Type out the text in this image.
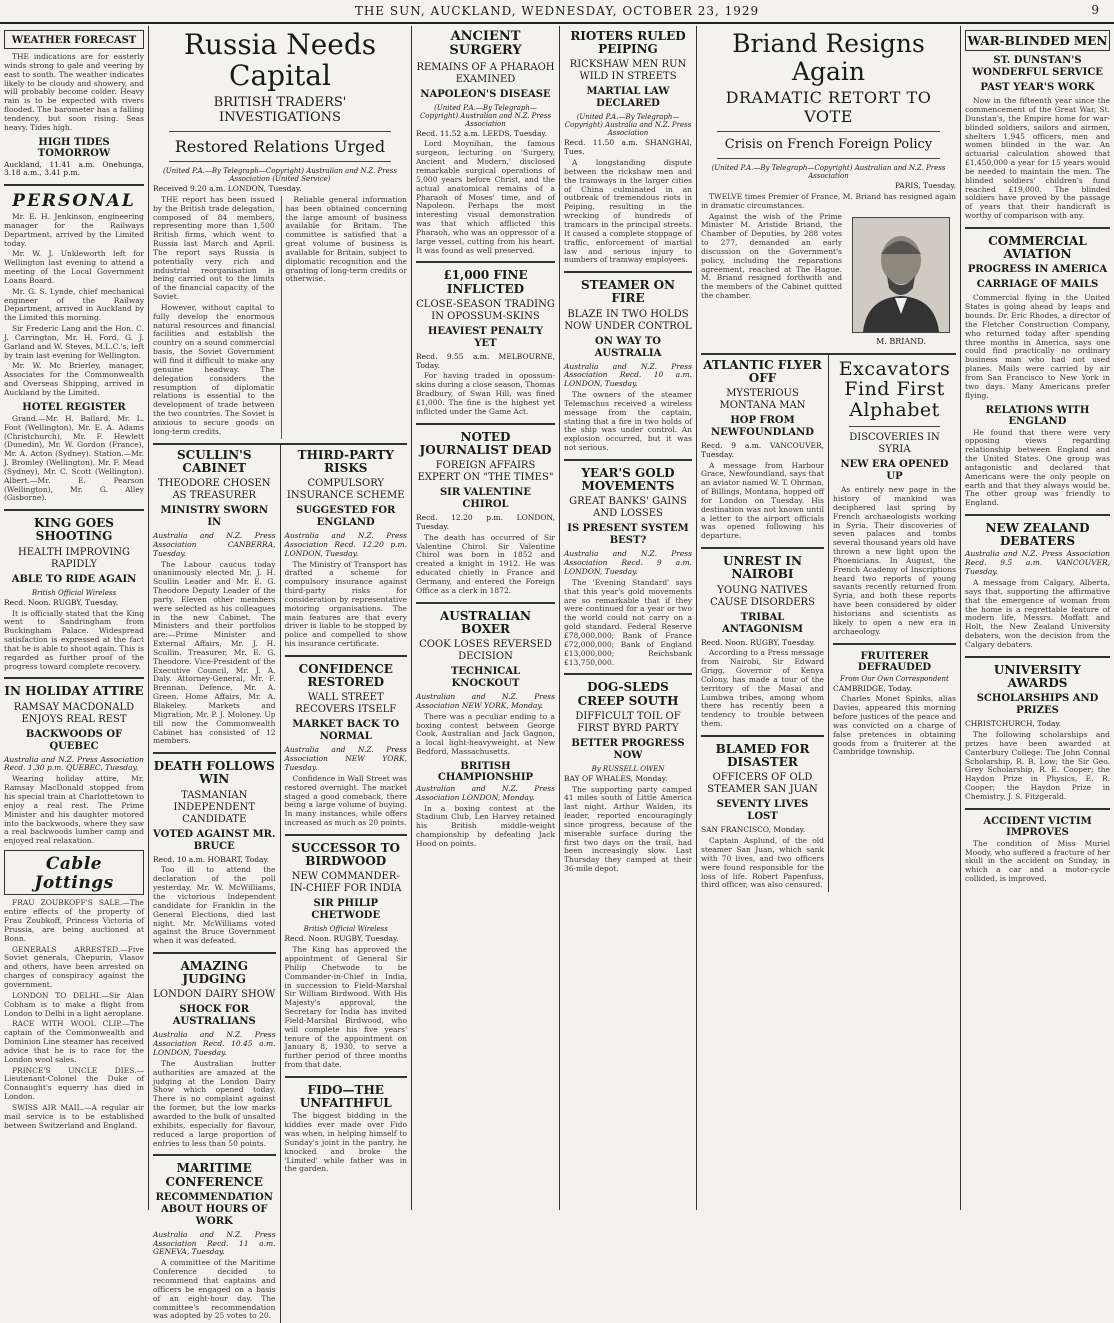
THE SUN, AUCKLAND, WEDNESDAY, OCTOBER 23, 1929	9
WEATHER FORECAST

THE indications are for easterly winds strong to gale and veering by east to south. The weather indicates likely to be cloudy and showery, and will probably become colder. Heavy rain is to be expected with rivers flooded. The barometer has a falling tendency, but soon rising. Seas heavy. Tides high.

HIGH TIDES TOMORROW

Auckland, 11.41 a.m. Onehunga, 3.18 a.m., 3.41 p.m.

PERSONAL

Mr. E. H. Jenkinson, engineering manager for the Railways Department, arrived by the Limited today.

Mr. W. J. Unkleworth left for Wellington last evening to attend a meeting of the Local Government Loans Board.

Mr. G. S. Lynde, chief mechanical engineer of the Railway Department, arrived in Auckland by the Limited this morning.

Sir Frederic Lang and the Hon. C. J. Carrington, Mr. H. Ford, G. J. Garland and W. Steves, M.L.C.'s, left by train last evening for Wellington.

Mr. W. Mc Brierley, manager, Associates for the Commonwealth and Overseas Shipping, arrived in Auckland by the Limited.

HOTEL REGISTER

Grand.—Mr. H. Ballard, Mr. L. Foot (Wellington), Mr. E. A. Adams (Christchurch), Mr. F. Hewlett (Dunedin), Mr. W. Gordon (France), Mr. A. Acton (Sydney). Station.—Mr. J. Bromley (Wellington), Mr. F. Mead (Sydney), Mr. C. Scott (Wellington). Albert.—Mr. E. Pearson (Wellington), Mr. G. Alley (Gisborne).

KING GOES SHOOTING
HEALTH IMPROVING RAPIDLY
ABLE TO RIDE AGAIN
British Official Wireless

Recd. Noon. RUGBY, Tuesday.

It is officially stated that the King went to Sandringham from Buckingham Palace. Widespread satisfaction is expressed at the fact that he is able to shoot again. This is regarded as further proof of the progress toward complete recovery.

IN HOLIDAY ATTIRE
RAMSAY MACDONALD ENJOYS REAL REST
BACKWOODS OF QUEBEC

Australia and N.Z. Press Association Recd. 1.30 p.m. QUEBEC, Tuesday.

Wearing holiday attire, Mr. Ramsay MacDonald stopped from his special train at Charlottetown to enjoy a real rest. The Prime Minister and his daughter motored into the backwoods, where they saw a real backwoods lumber camp and enjoyed real relaxation.

Cable Jottings

FRAU ZOUBKOFF'S SALE.—The entire effects of the property of Frau Zoubkoff, Princess Victoria of Prussia, are being auctioned at Bonn.

GENERALS ARRESTED.—Five Soviet generals, Chepurin, Vlasov and others, have been arrested on charges of conspiracy against the government.

LONDON TO DELHI.—Sir Alan Cobham is to make a flight from London to Delhi in a light aeroplane.

RACE WITH WOOL CLIP.—The captain of the Commonwealth and Dominion Line steamer has received advice that he is to race for the London wool sales.

PRINCE'S UNCLE DIES.—Lieutenant-Colonel the Duke of Connaught's equerry has died in London.

SWISS AIR MAIL.—A regular air mail service is to be established between Switzerland and England.

Russia Needs Capital
BRITISH TRADERS' INVESTIGATIONS
Restored Relations Urged
(United P.A.—By Telegraph—Copyright) Australian and N.Z. Press Association (United Service)

Received 9.20 a.m. LONDON, Tuesday.

THE report has been issued by the British trade delegation, composed of 84 members, representing more than 1,500 British firms, which went to Russia last March and April. The report says Russia is potentially very rich and industrial reorganisation is being carried out to the limits of the financial capacity of the Soviet.

However, without capital to fully develop the enormous natural resources and financial facilities and establish the country on a sound commercial basis, the Soviet Government will find it difficult to make any genuine headway. The delegation considers the resumption of diplomatic relations is essential to the development of trade between the two countries. The Soviet is anxious to secure goods on long-term credits.

Reliable general information has been obtained concerning the large amount of business available for Britain. The committee is satisfied that a great volume of business is available for Britain, subject to diplomatic recognition and the granting of long-term credits or otherwise.

SCULLIN'S CABINET
THEODORE CHOSEN AS TREASURER
MINISTRY SWORN IN

Australia and N.Z. Press Association CANBERRA, Tuesday.

The Labour caucus today unanimously elected Mr. J. H. Scullin Leader and Mr. E. G. Theodore Deputy Leader of the party. Eleven other members were selected as his colleagues in the new Cabinet. The Ministers and their portfolios are:—Prime Minister and External Affairs, Mr. J. H. Scullin. Treasurer, Mr. E. G. Theodore. Vice-President of the Executive Council, Mr. J. A. Daly. Attorney-General, Mr. F. Brennan. Defence, Mr. A. Green. Home Affairs, Mr. A. Blakeley. Markets and Migration, Mr. P. J. Moloney. Up till now the Commonwealth Cabinet has consisted of 12 members.

DEATH FOLLOWS WIN
TASMANIAN INDEPENDENT CANDIDATE
VOTED AGAINST MR. BRUCE

Recd. 10 a.m. HOBART, Today.

Too ill to attend the declaration of the poll yesterday, Mr. W. McWilliams, the victorious Independent candidate for Franklin in the General Elections, died last night. Mr. McWilliams voted against the Bruce Government when it was defeated.

AMAZING JUDGING
LONDON DAIRY SHOW
SHOCK FOR AUSTRALIANS

Australia and N.Z. Press Association Recd. 10.45 a.m. LONDON, Tuesday.

The Australian butter authorities are amazed at the judging at the London Dairy Show which opened today. There is no complaint against the former, but the low marks awarded to the bulk of unsalted exhibits, especially for flavour, reduced a large proportion of entries to less than 50 points.

MARITIME CONFERENCE
RECOMMENDATION ABOUT HOURS OF WORK

Australia and N.Z. Press Association Recd. 11 a.m. GENEVA, Tuesday.

A committee of the Maritime Conference decided to recommend that captains and officers be engaged on a basis of an eight-hour day. The committee's recommendation was adopted by 25 votes to 20.

THIRD-PARTY RISKS
COMPULSORY INSURANCE SCHEME
SUGGESTED FOR ENGLAND

Australia and N.Z. Press Association Recd. 12.20 p.m. LONDON, Tuesday.

The Ministry of Transport has drafted a scheme for compulsory insurance against third-party risks for consideration by representative motoring organisations. The main features are that every driver is liable to be stopped by police and compelled to show his insurance certificate.

CONFIDENCE RESTORED
WALL STREET RECOVERS ITSELF
MARKET BACK TO NORMAL

Australia and N.Z. Press Association NEW YORK, Tuesday.

Confidence in Wall Street was restored overnight. The market staged a good comeback, there being a large volume of buying. In many instances, while offers increased as much as 20 points.

SUCCESSOR TO BIRDWOOD
NEW COMMANDER-IN-CHIEF FOR INDIA
SIR PHILIP CHETWODE
British Official Wireless

Recd. Noon. RUGBY, Tuesday.

The King has approved the appointment of General Sir Philip Chetwode to be Commander-in-Chief in India, in succession to Field-Marshal Sir William Birdwood. With His Majesty's approval, the Secretary for India has invited Field-Marshal Birdwood, who will complete his five years' tenure of the appointment on January 8, 1930, to serve a further period of three months from that date.

FIDO—THE UNFAITHFUL

The biggest bidding in the kiddies ever made over Fido was when, in helping himself to Sunday's joint in the pantry, he knocked and broke the 'Limited' while father was in the garden.

ANCIENT SURGERY
REMAINS OF A PHARAOH EXAMINED
NAPOLEON'S DISEASE
(United P.A.—By Telegraph—Copyright) Australian and N.Z. Press Association

Recd. 11.52 a.m. LEEDS, Tuesday.

Lord Moynihan, the famous surgeon, lecturing on 'Surgery, Ancient and Modern,' disclosed remarkable surgical operations of 5,000 years before Christ, and the actual anatomical remains of a Pharaoh of Moses' time, and of Napoleon. Perhaps the most interesting visual demonstration was that which afflicted this Pharaoh, who was an oppressor of a large vessel, cutting from his heart. It was found as well preserved.

£1,000 FINE INFLICTED
CLOSE-SEASON TRADING IN OPOSSUM-SKINS
HEAVIEST PENALTY YET

Recd. 9.55 a.m. MELBOURNE, Today.

For having traded in opossum-skins during a close season, Thomas Bradbury, of Swan Hill, was fined £1,000. The fine is the highest yet inflicted under the Game Act.

NOTED JOURNALIST DEAD
FOREIGN AFFAIRS EXPERT ON "THE TIMES"
SIR VALENTINE CHIROL

Recd. 12.20 p.m. LONDON, Tuesday.

The death has occurred of Sir Valentine Chirol. Sir Valentine Chirol was born in 1852 and created a knight in 1912. He was educated chiefly in France and Germany, and entered the Foreign Office as a clerk in 1872.

AUSTRALIAN BOXER
COOK LOSES REVERSED DECISION
TECHNICAL KNOCKOUT

Australian and N.Z. Press Association NEW YORK, Monday.

There was a peculiar ending to a boxing contest between George Cook, Australian and Jack Gagnon, a local light-heavyweight, at New Bedford, Massachusetts.

BRITISH CHAMPIONSHIP

Australian and N.Z. Press Association LONDON, Monday.

In a boxing contest at the Stadium Club, Len Harvey retained his British middle-weight championship by defeating Jack Hood on points.

RIOTERS RULED PEIPING
RICKSHAW MEN RUN WILD IN STREETS
MARTIAL LAW DECLARED
(United P.A.—By Telegraph—Copyright) Australia and N.Z. Press Association

Recd. 11.50 a.m. SHANGHAI, Tues.

A longstanding dispute between the rickshaw men and the tramways in the larger cities of China culminated in an outbreak of tremendous riots in Peiping, resulting in the wrecking of hundreds of tramcars in the principal streets. It caused a complete stoppage of traffic, enforcement of martial law and serious injury to numbers of tramway employees.

STEAMER ON FIRE
BLAZE IN TWO HOLDS NOW UNDER CONTROL
ON WAY TO AUSTRALIA

Australia and N.Z. Press Association Recd. 10 a.m. LONDON, Tuesday.

The owners of the steamer Telemachus received a wireless message from the captain, stating that a fire in two holds of the ship was under control. An explosion occurred, but it was not serious.

YEAR'S GOLD MOVEMENTS
GREAT BANKS' GAINS AND LOSSES
IS PRESENT SYSTEM BEST?

Australia and N.Z. Press Association Recd. 9 a.m. LONDON, Tuesday.

The 'Evening Standard' says that this year's gold movements are so remarkable that if they were continued for a year or two the world could not carry on a gold standard. Federal Reserve £78,000,000; Bank of France £72,000,000; Bank of England £13,000,000; Reichsbank £13,750,000.

DOG-SLEDS CREEP SOUTH
DIFFICULT TOIL OF FIRST BYRD PARTY
BETTER PROGRESS NOW
By RUSSELL OWEN

BAY OF WHALES, Monday.

The supporting party camped 41 miles south of Little America last night. Arthur Walden, its leader, reported encouragingly since progress, because of the miserable surface during the first two days on the trail, had been increasingly slow. Last Thursday they camped at their 36-mile depot.

Briand Resigns Again
DRAMATIC RETORT TO VOTE
Crisis on French Foreign Policy
(United P.A.—By Telegraph—Copyright) Australian and N.Z. Press Association

PARIS, Tuesday.

TWELVE times Premier of France, M. Briand has resigned again in dramatic circumstances.

Against the wish of the Prime Minister M. Aristide Briand, the Chamber of Deputies, by 288 votes to 277, demanded an early discussion on the Government's policy, including the reparations agreement, reached at The Hague. M. Briand resigned forthwith and the members of the Cabinet quitted the chamber.

M. BRIAND.
ATLANTIC FLYER OFF
MYSTERIOUS MONTANA MAN
HOP FROM NEWFOUNDLAND

Recd. 9 a.m. VANCOUVER, Tuesday.

A message from Harbour Grace, Newfoundland, says that an aviator named W. T. Ohrman, of Billings, Montana, hopped off for London on Tuesday. His destination was not known until a letter to the airport officials was opened following his departure.

UNREST IN NAIROBI
YOUNG NATIVES CAUSE DISORDERS
TRIBAL ANTAGONISM

Recd. Noon. RUGBY, Tuesday.

According to a Press message from Nairobi, Sir Edward Grigg, Governor of Kenya Colony, has made a tour of the territory of the Masai and Lumbwa tribes, among whom there has recently been a tendency to trouble between them.

BLAMED FOR DISASTER
OFFICERS OF OLD STEAMER SAN JUAN
SEVENTY LIVES LOST

SAN FRANCISCO, Monday.

Captain Asplund, of the old steamer San Juan, which sank with 70 lives, and two officers were found responsible for the loss of life. Robert Papenfuss, third officer, was also censured.

Excavators Find First Alphabet
DISCOVERIES IN SYRIA
NEW ERA OPENED UP

As entirely new page in the history of mankind was deciphered last spring by French archaeologists working in Syria. Their discoveries of seven palaces and tombs several thousand years old have thrown a new light upon the Phoenicians. In August, the French Academy of Inscriptions heard two reports of young savants recently returned from Syria, and both these reports have been considered by older historians and scientists as likely to open a new era in archaeology.

FRUITERER DEFRAUDED
From Our Own Correspondent

CAMBRIDGE, Today.

Charles Monet Spinks, alias Davies, appeared this morning before justices of the peace and was convicted on a charge of false pretences in obtaining goods from a fruiterer at the Cambridge township.

WAR-BLINDED MEN
ST. DUNSTAN'S WONDERFUL SERVICE
PAST YEAR'S WORK

Now in the fifteenth year since the commencement of the Great War, St. Dunstan's, the Empire home for war-blinded soldiers, sailors and airmen, shelters 1,945 officers, men and women blinded in the war. An actuarial calculation showed that £1,450,000 a year for 15 years would be needed to maintain the men. The blinded soldiers' children's fund reached £19,000. The blinded soldiers have proved by the passage of years that their handicraft is worthy of comparison with any.

COMMERCIAL AVIATION
PROGRESS IN AMERICA
CARRIAGE OF MAILS

Commercial flying in the United States is going ahead by leaps and bounds. Dr. Eric Rhodes, a director of the Fletcher Construction Company, who returned today after spending three months in America, says one could find practically no ordinary business man who had not used planes. Mails were carried by air from San Francisco to New York in two days. Many Americans prefer flying.

RELATIONS WITH ENGLAND

He found that there were very opposing views regarding relationship between England and the United States. One group was antagonistic and declared that Americans were the only people on earth and that they always would be. The other group was friendly to England.

NEW ZEALAND DEBATERS

Australia and N.Z. Press Association Recd. 9.5 a.m. VANCOUVER, Tuesday.

A message from Calgary, Alberta, says that, supporting the affirmative that the emergence of woman from the home is a regrettable feature of modern life, Messrs. Moffatt and Holt, the New Zealand University debaters, won the decision from the Calgary debaters.

UNIVERSITY AWARDS
SCHOLARSHIPS AND PRIZES

CHRISTCHURCH, Today.

The following scholarships and prizes have been awarded at Canterbury College: The John Connal Scholarship, R. B. Low; the Sir Geo. Grey Scholarship, R. E. Cooper; the Haydon Prize in Physics, E. R. Cooper; the Haydon Prize in Chemistry, J. S. Fitzgerald.

ACCIDENT VICTIM IMPROVES

The condition of Miss Muriel Moody, who suffered a fracture of her skull in the accident on Sunday, in which a car and a motor-cycle collided, is improved.
